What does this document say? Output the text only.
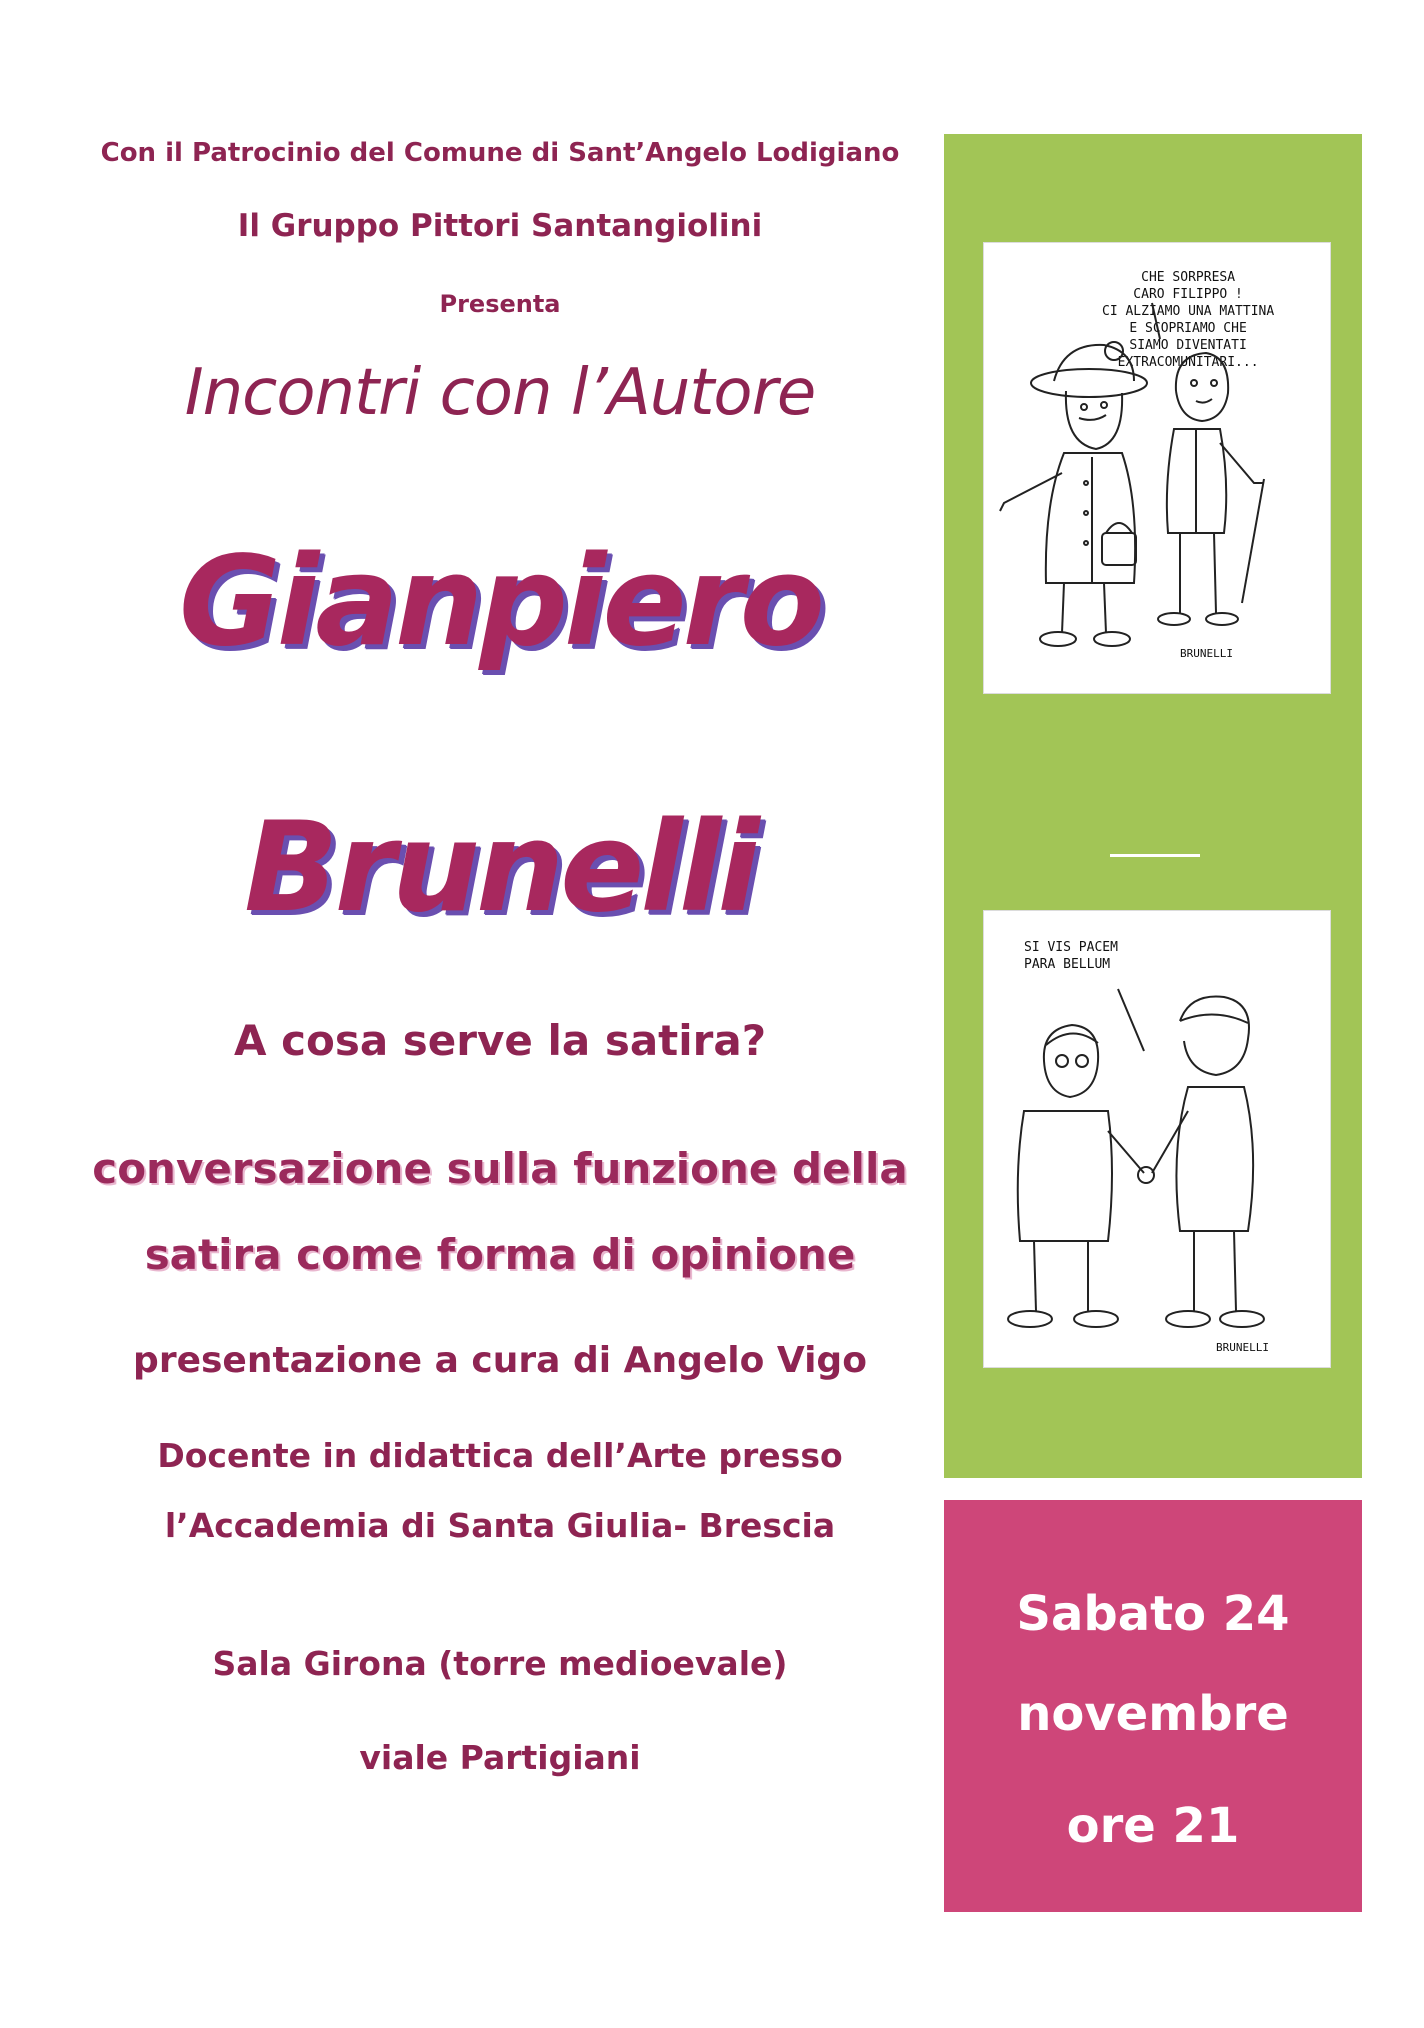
Con il Patrocinio del Comune di Sant’Angelo Lodigiano
Il Gruppo Pittori Santangiolini
Presenta
Incontri con l’Autore
Gianpiero
Brunelli
A cosa serve la satira?
conversazione sulla funzione della
satira come forma di opinione
presentazione a cura di Angelo Vigo
Docente in didattica dell’Arte presso
l’Accademia di Santa Giulia- Brescia
Sala Girona (torre medioevale)
viale Partigiani
CHE SORPRESA
CARO FILIPPO !
CI ALZIAMO UNA MATTINA
E SCOPRIAMO CHE
SIAMO DIVENTATI
EXTRACOMUNITARI...
BRUNELLI
SI VIS PACEM
PARA BELLUM
BRUNELLI
Sabato 24
novembre
ore 21
